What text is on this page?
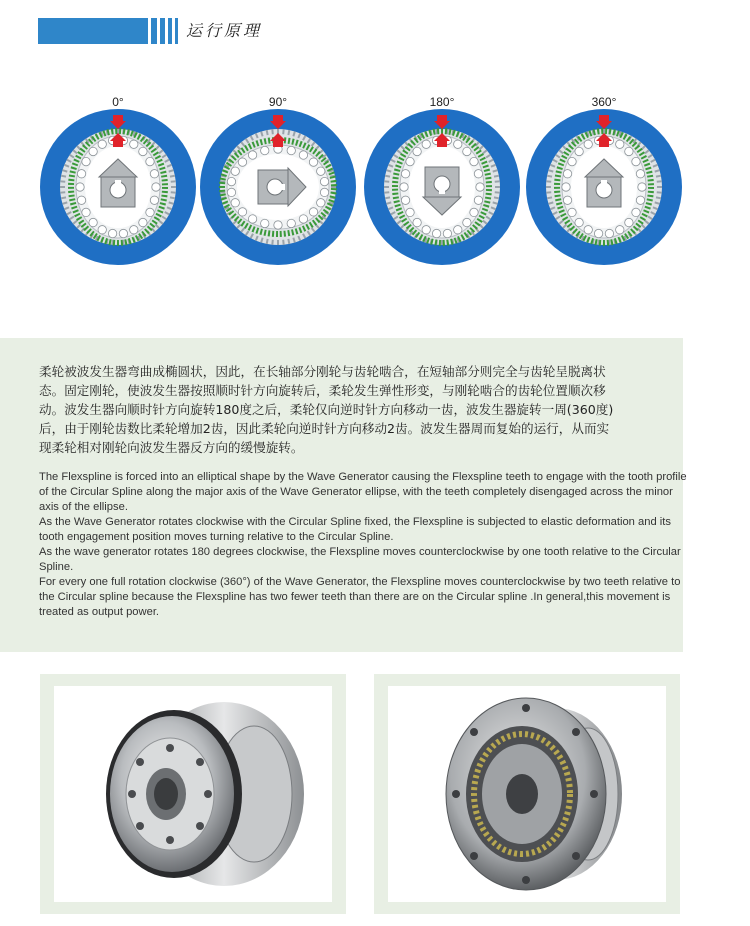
运行原理
0°	90°	180°	360°

柔轮被波发生器弯曲成椭圆状，因此，在长轴部分刚轮与齿轮啮合，在短轴部分则完全与齿轮呈脱离状
态。固定刚轮，使波发生器按照顺时针方向旋转后，柔轮发生弹性形变，与刚轮啮合的齿轮位置顺次移
动。波发生器向顺时针方向旋转180度之后，柔轮仅向逆时针方向移动一齿，波发生器旋转一周(360度)
后，由于刚轮齿数比柔轮增加2齿，因此柔轮向逆时针方向移动2齿。波发生器周而复始的运行，从而实
现柔轮相对刚轮向波发生器反方向的缓慢旋转。

The Flexspline is forced into an elliptical shape by the Wave Generator causing the Flexspline teeth to engage with the tooth profile of the Circular Spline along the major axis of the Wave Generator ellipse, with the teeth completely disengaged across the minor axis of the ellipse.

As the Wave Generator rotates clockwise with the Circular Spline fixed, the Flexspline is subjected to elastic deformation and its tooth engagement position moves turning relative to the Circular Spline.

As the wave generator rotates 180 degrees clockwise, the Flexspline moves counterclockwise by one tooth relative to the Circular Spline.

For every one full rotation clockwise (360°) of the Wave Generator, the Flexspline moves counterclockwise by two teeth relative to the Circular spline because the Flexspline has two fewer teeth than there are on the Circular spline .In general,this movement is treated as output power.
